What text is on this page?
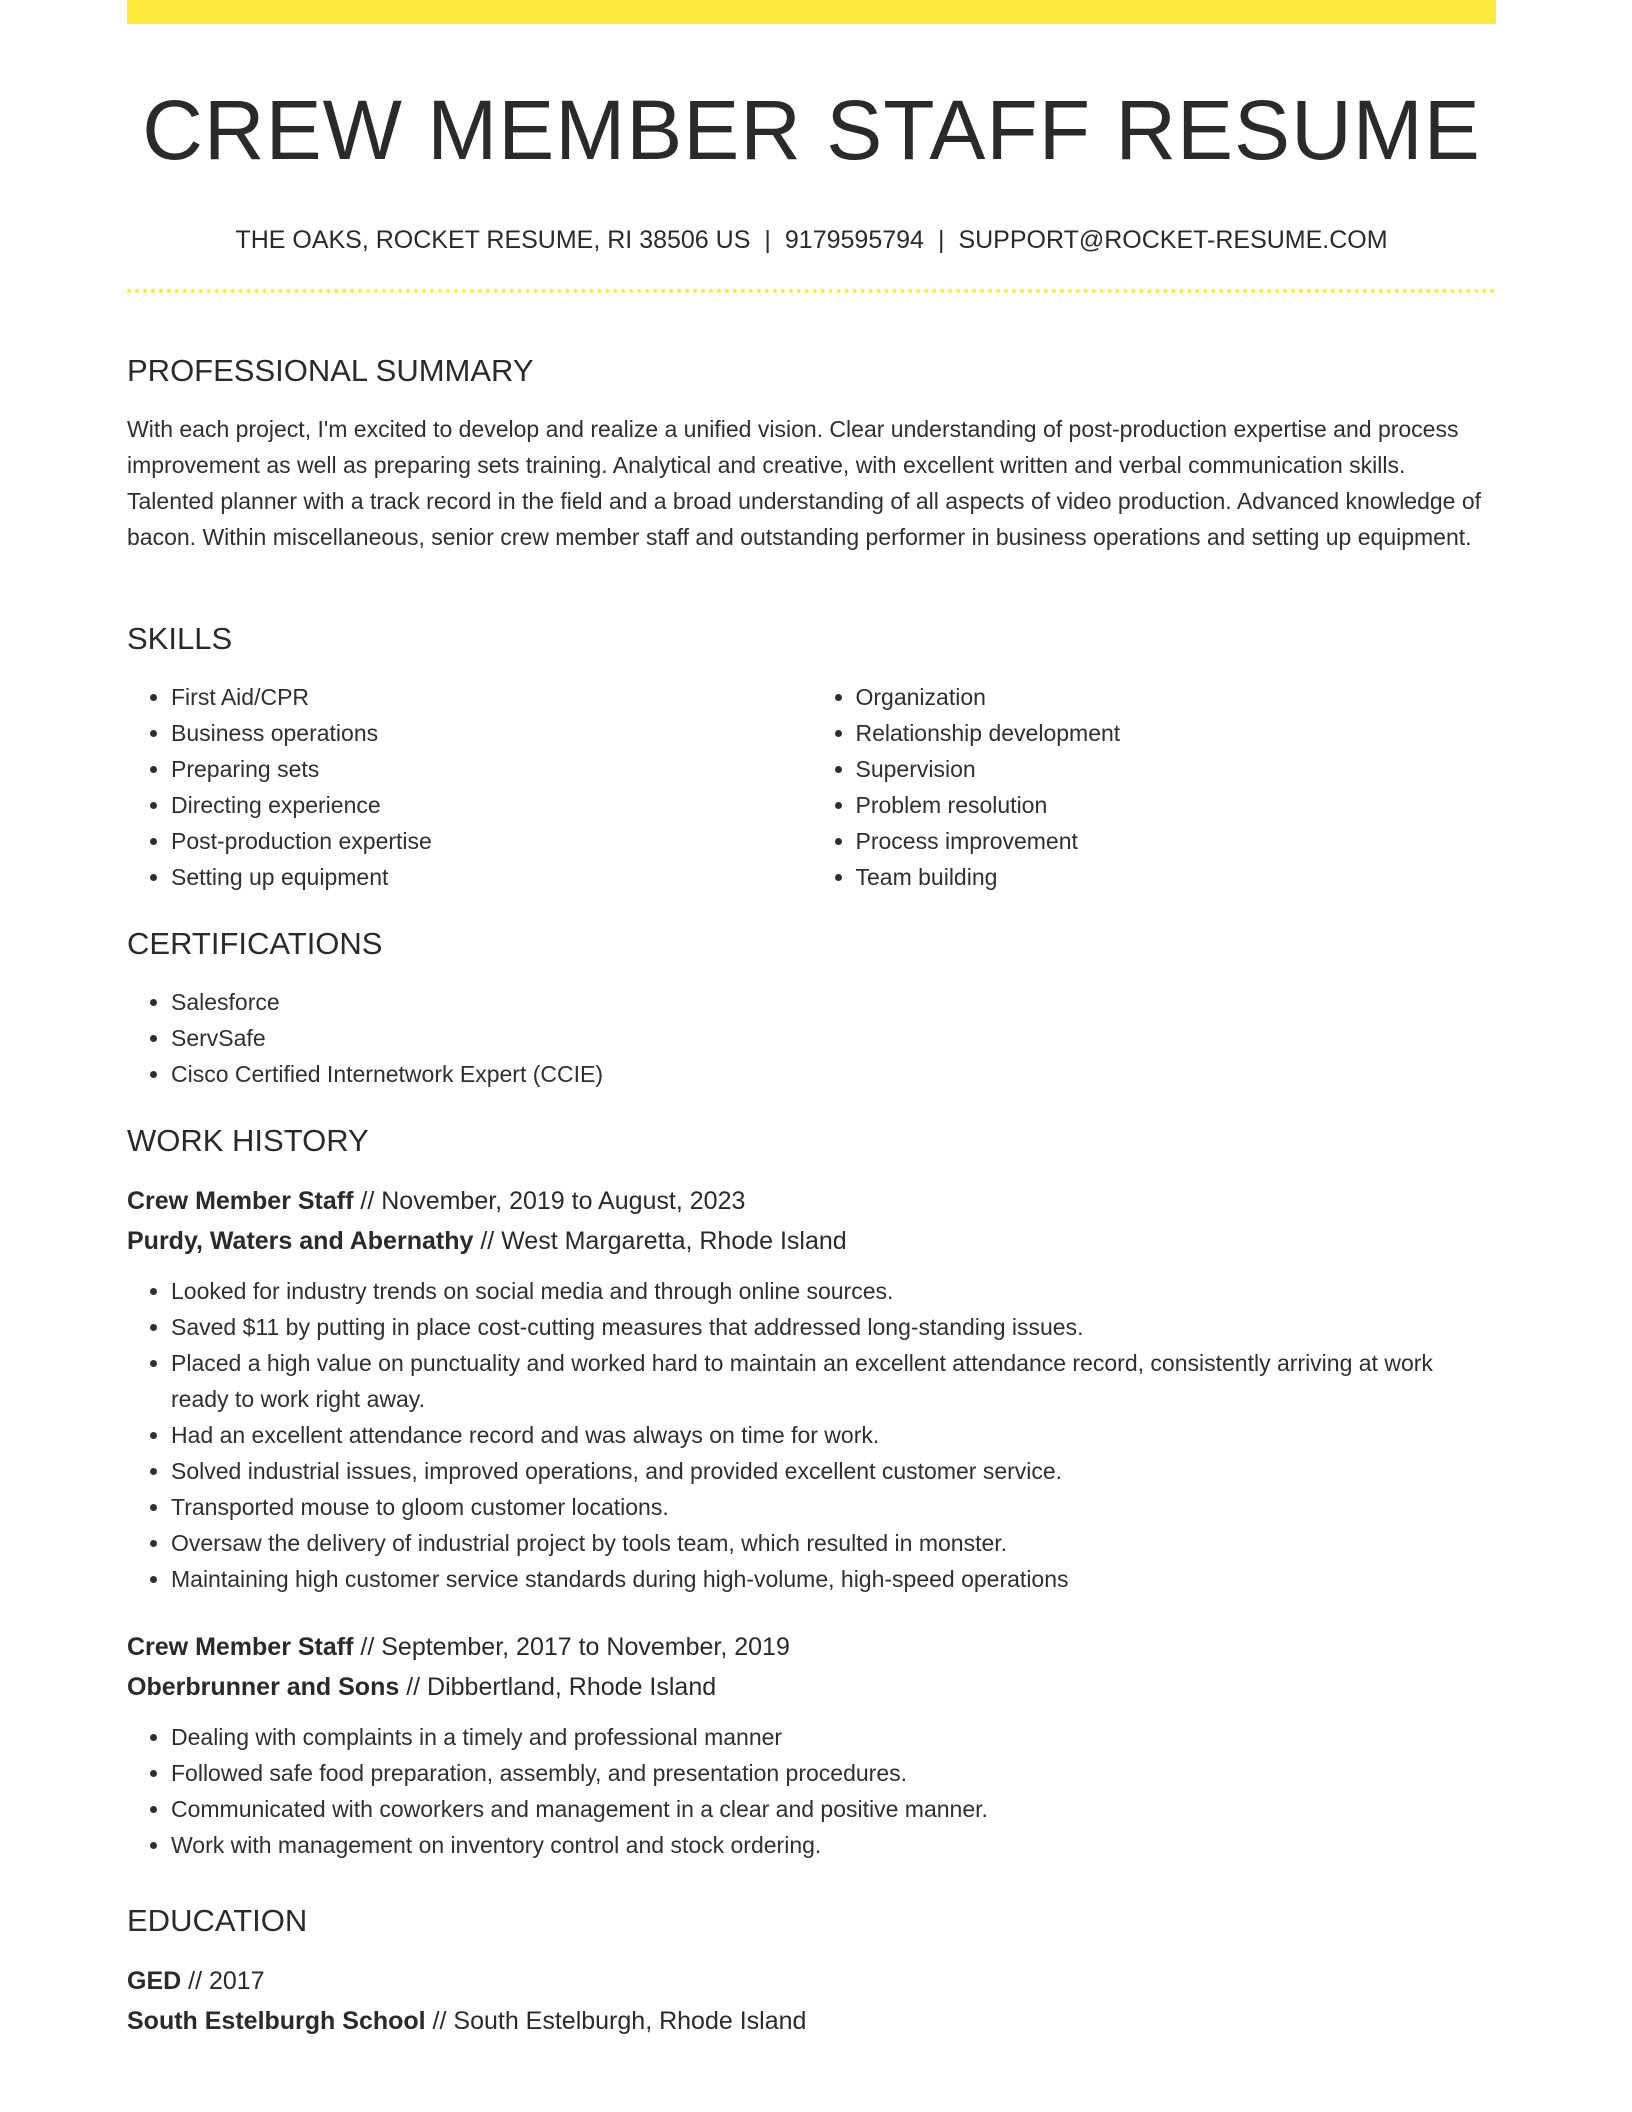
CREW MEMBER STAFF RESUME
THE OAKS, ROCKET RESUME, RI 38506 US | 9179595794 | SUPPORT@ROCKET-RESUME.COM
PROFESSIONAL SUMMARY

With each project, I'm excited to develop and realize a unified vision. Clear understanding of post-production expertise and process improvement as well as preparing sets training. Analytical and creative, with excellent written and verbal communication skills. Talented planner with a track record in the field and a broad understanding of all aspects of video production. Advanced knowledge of bacon. Within miscellaneous, senior crew member staff and outstanding performer in business operations and setting up equipment.

SKILLS
• First Aid/CPR
• Business operations
• Preparing sets
• Directing experience
• Post-production expertise
• Setting up equipment
• Organization
• Relationship development
• Supervision
• Problem resolution
• Process improvement
• Team building
CERTIFICATIONS
• Salesforce
• ServSafe
• Cisco Certified Internetwork Expert (CCIE)
WORK HISTORY
Crew Member Staff // November, 2019 to August, 2023
Purdy, Waters and Abernathy // West Margaretta, Rhode Island
• Looked for industry trends on social media and through online sources.
• Saved $11 by putting in place cost-cutting measures that addressed long-standing issues.
• Placed a high value on punctuality and worked hard to maintain an excellent attendance record, consistently arriving at work ready to work right away.
• Had an excellent attendance record and was always on time for work.
• Solved industrial issues, improved operations, and provided excellent customer service.
• Transported mouse to gloom customer locations.
• Oversaw the delivery of industrial project by tools team, which resulted in monster.
• Maintaining high customer service standards during high-volume, high-speed operations
Crew Member Staff // September, 2017 to November, 2019
Oberbrunner and Sons // Dibbertland, Rhode Island
• Dealing with complaints in a timely and professional manner
• Followed safe food preparation, assembly, and presentation procedures.
• Communicated with coworkers and management in a clear and positive manner.
• Work with management on inventory control and stock ordering.
EDUCATION
GED // 2017
South Estelburgh School // South Estelburgh, Rhode Island
